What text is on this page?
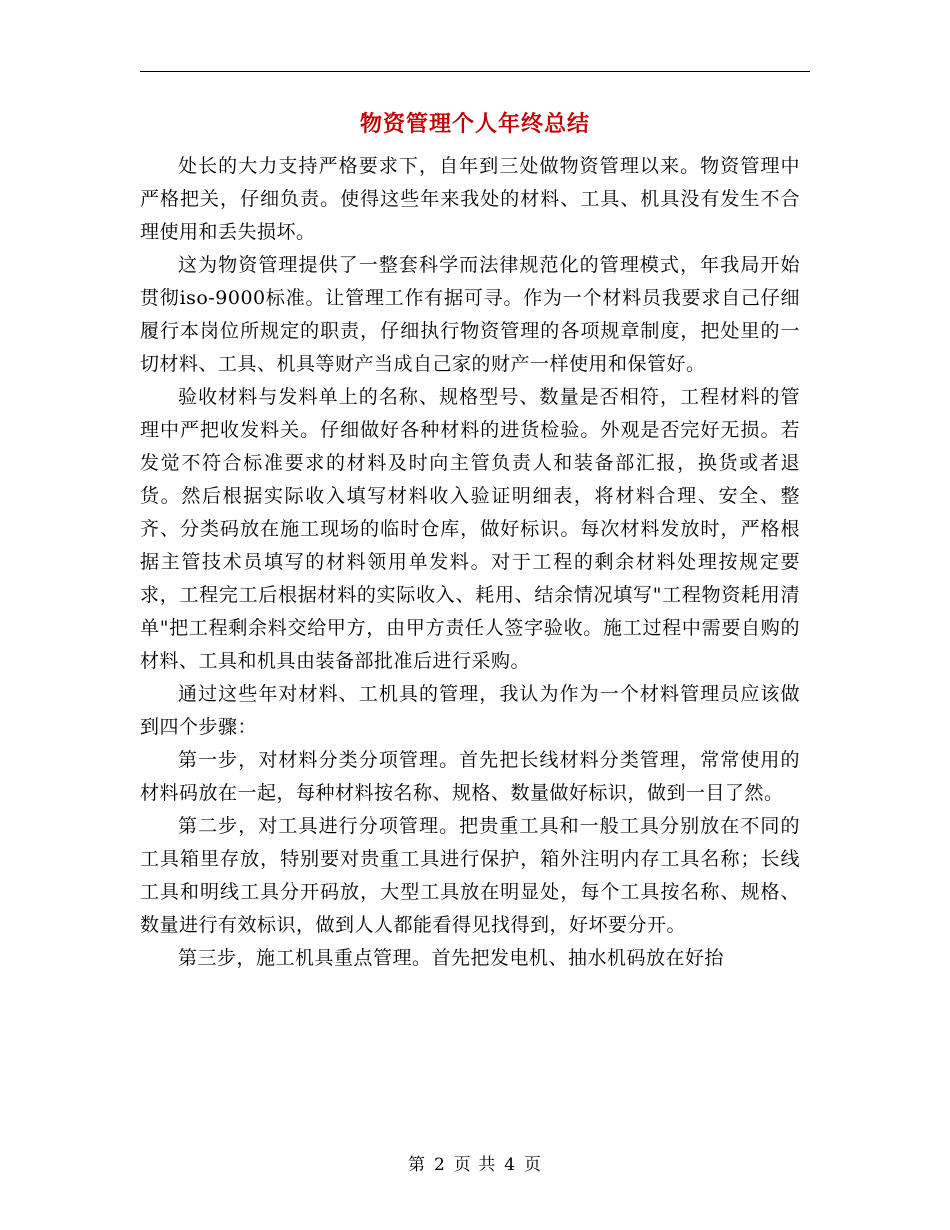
物资管理个人年终总结

处长的大力支持严格要求下，自年到三处做物资管理以来。物资管理中严格把关，仔细负责。使得这些年来我处的材料、工具、机具没有发生不合理使用和丢失损坏。

这为物资管理提供了一整套科学而法律规范化的管理模式，年我局开始贯彻iso-9000标准。让管理工作有据可寻。作为一个材料员我要求自己仔细履行本岗位所规定的职责，仔细执行物资管理的各项规章制度，把处里的一切材料、工具、机具等财产当成自己家的财产一样使用和保管好。

验收材料与发料单上的名称、规格型号、数量是否相符，工程材料的管理中严把收发料关。仔细做好各种材料的进货检验。外观是否完好无损。若发觉不符合标准要求的材料及时向主管负责人和装备部汇报，换货或者退货。然后根据实际收入填写材料收入验证明细表，将材料合理、安全、整齐、分类码放在施工现场的临时仓库，做好标识。每次材料发放时，严格根据主管技术员填写的材料领用单发料。对于工程的剩余材料处理按规定要求，工程完工后根据材料的实际收入、耗用、结余情况填写"工程物资耗用清单"把工程剩余料交给甲方，由甲方责任人签字验收。施工过程中需要自购的材料、工具和机具由装备部批准后进行采购。

通过这些年对材料、工机具的管理，我认为作为一个材料管理员应该做到四个步骤：

第一步，对材料分类分项管理。首先把长线材料分类管理，常常使用的材料码放在一起，每种材料按名称、规格、数量做好标识，做到一目了然。

第二步，对工具进行分项管理。把贵重工具和一般工具分别放在不同的工具箱里存放，特别要对贵重工具进行保护，箱外注明内存工具名称；长线工具和明线工具分开码放，大型工具放在明显处，每个工具按名称、规格、数量进行有效标识，做到人人都能看得见找得到，好坏要分开。

第三步，施工机具重点管理。首先把发电机、抽水机码放在好抬

第 2 页 共 4 页
